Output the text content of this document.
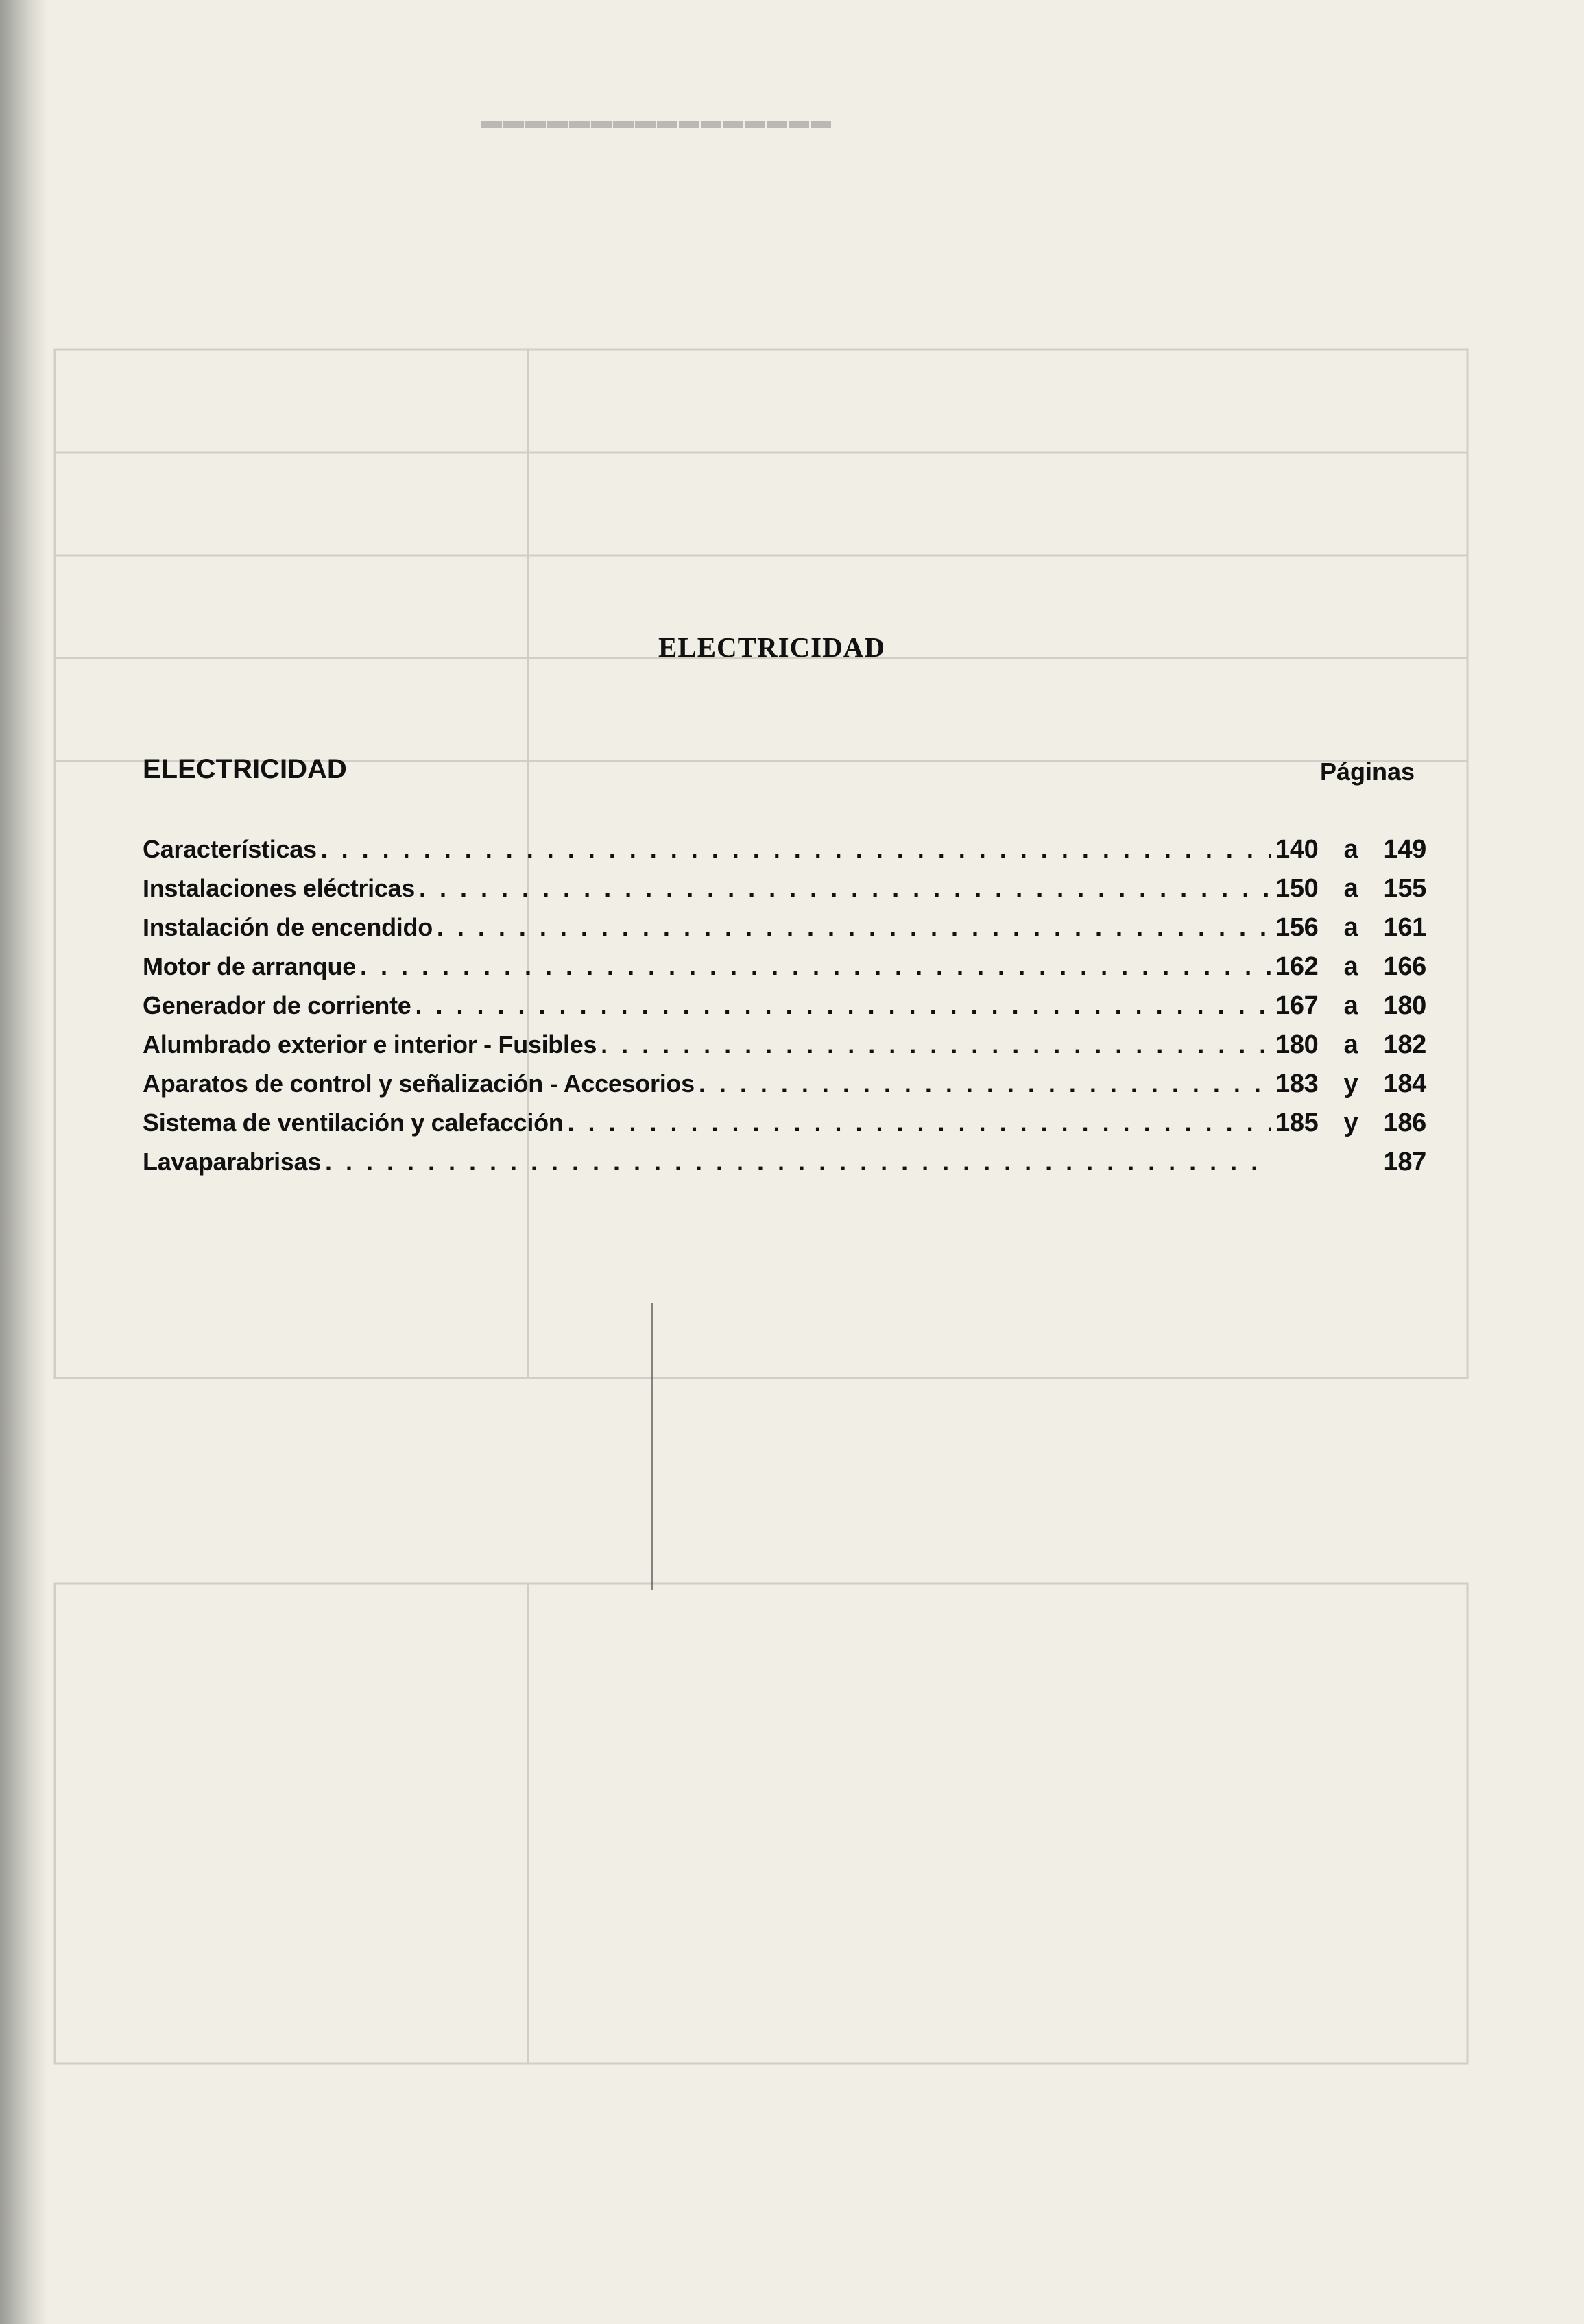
▬▬▬▬▬▬▬▬▬▬▬▬▬▬▬▬
ELECTRICIDAD
ELECTRICIDAD	Páginas
Características . . .	140 a 149
Instalaciones eléctricas . . .	150 a 155
Instalación de encendido . . .	156 a 161
Motor de arranque . . .	162 a 166
Generador de corriente . . .	167 a 180
Alumbrado exterior e interior - Fusibles . . .	180 a 182
Aparatos de control y señalización - Accesorios . . .	183 y 184
Sistema de ventilación y calefacción . . .	185 y 186
Lavaparabrisas . . .	187
